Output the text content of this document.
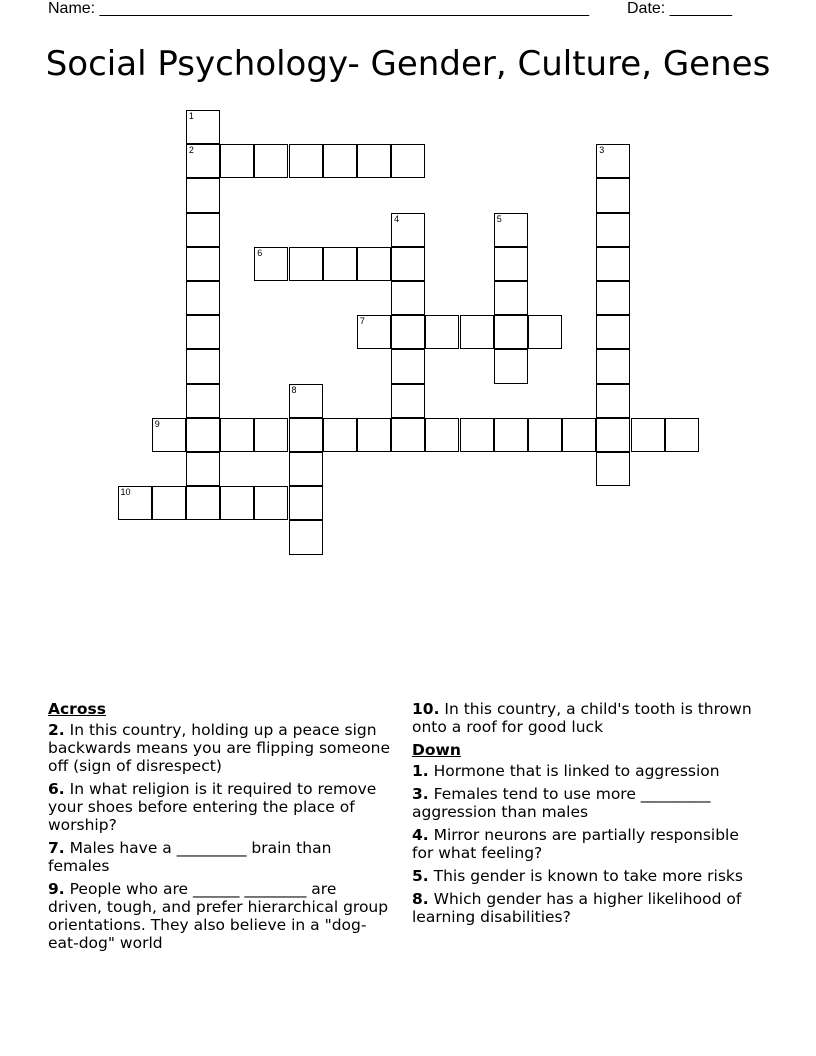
Name: _______________________________________________________ Date: _______
Social Psychology- Gender, Culture, Genes
1
2	3
4	5
6
7
8
9
10
Across
2. In this country, holding up a peace sign backwards means you are flipping someone off (sign of disrespect)
6. In what religion is it required to remove your shoes before entering the place of worship?
7. Males have a _________ brain than females
9. People who are ______ ________ are driven, tough, and prefer hierarchical group orientations. They also believe in a "dog-eat-dog" world
10. In this country, a child's tooth is thrown onto a roof for good luck
Down
1. Hormone that is linked to aggression
3. Females tend to use more _________ aggression than males
4. Mirror neurons are partially responsible for what feeling?
5. This gender is known to take more risks
8. Which gender has a higher likelihood of learning disabilities?
